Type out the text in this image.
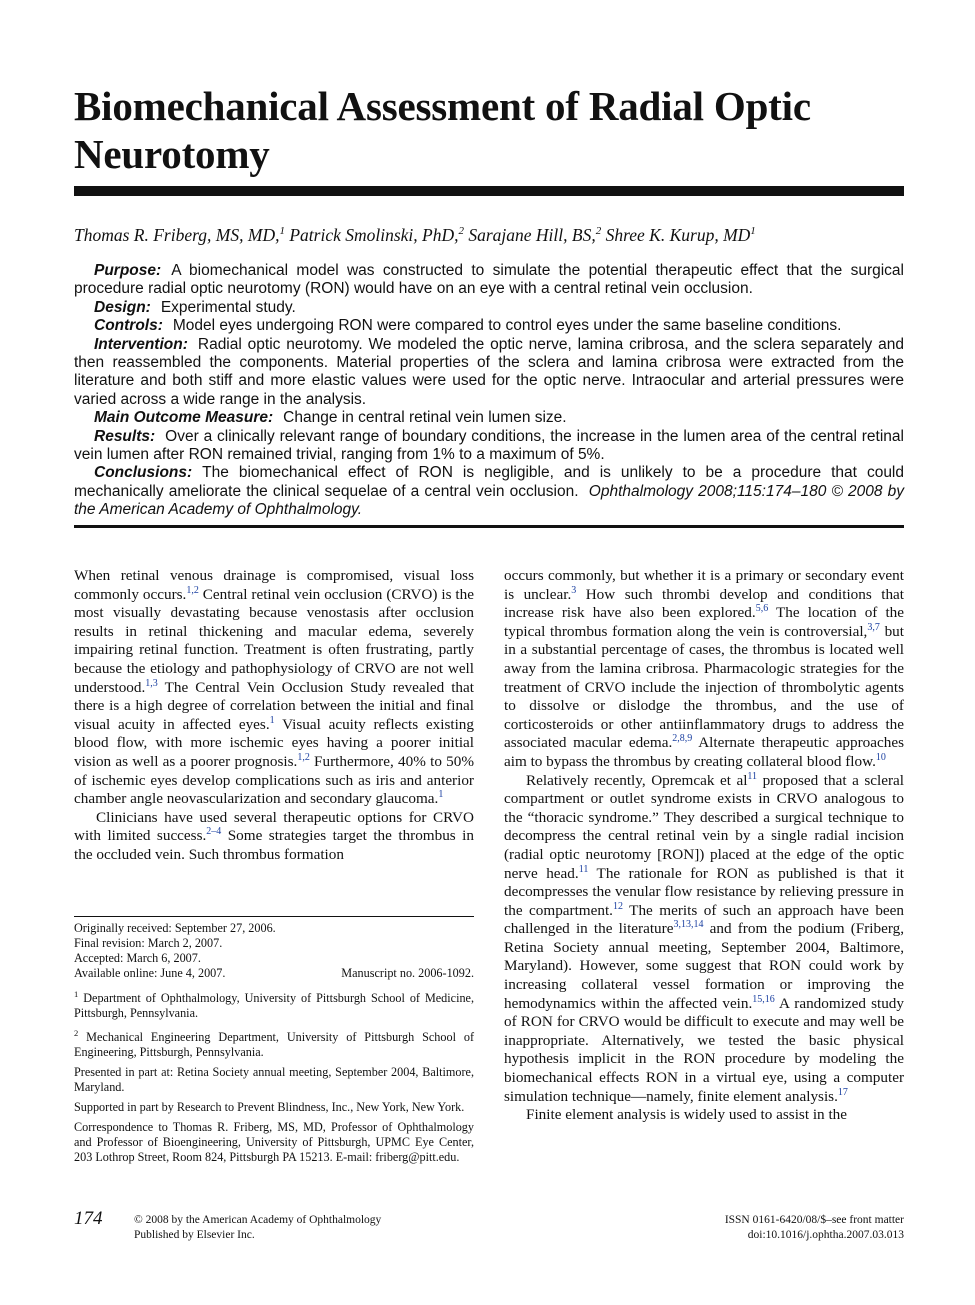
Biomechanical Assessment of Radial Optic Neurotomy
Thomas R. Friberg, MS, MD,$^1$ Patrick Smolinski, PhD,$^2$ Sarajane Hill, BS,$^2$ Shree K. Kurup, $MD^1$

Purpose: A biomechanical model was constructed to simulate the potential therapeutic effect that the surgical procedure radial optic neurotomy (RON) would have on an eye with a central retinal vein occlusion.

Design: Experimental study.

Controls: Model eyes undergoing RON were compared to control eyes under the same baseline conditions.

Intervention: Radial optic neurotomy. We modeled the optic nerve, lamina cribrosa, and the sclera separately and then reassembled the components. Material properties of the sclera and lamina cribrosa were extracted from the literature and both stiff and more elastic values were used for the optic nerve. Intraocular and arterial pressures were varied across a wide range in the analysis.

Main Outcome Measure: Change in central retinal vein lumen size.

Results: Over a clinically relevant range of boundary conditions, the increase in the lumen area of the central retinal vein lumen after RON remained trivial, ranging from 1% to a maximum of 5%.

Conclusions: The biomechanical effect of RON is negligible, and is unlikely to be a procedure that could mechanically ameliorate the clinical sequelae of a central vein occlusion. Ophthalmology 2008;115:174–180 © 2008 by the American Academy of Ophthalmology.

When retinal venous drainage is compromised, visual loss commonly occurs.$^{1,2}$ Central retinal vein occlusion (CRVO) is the most visually devastating because venostasis after occlusion results in retinal thickening and macular edema, severely impairing retinal function. Treatment is often frustrating, partly because the etiology and pathophysiology of CRVO are not well understood.$^{1,3}$ The Central Vein Occlusion Study revealed that there is a high degree of correlation between the initial and final visual acuity in affected eyes.$^1$ Visual acuity reflects existing blood flow, with more ischemic eyes having a poorer initial vision as well as a poorer prognosis.$^{1,2}$ Furthermore, 40% to 50% of ischemic eyes develop complications such as iris and anterior chamber angle neovascularization and secondary glaucoma.$^1$

Clinicians have used several therapeutic options for CRVO with limited success.$^{2-4}$ Some strategies target the thrombus in the occluded vein. Such thrombus formation

Originally received: September 27, 2006.

Final revision: March 2, 2007.

Accepted: March 6, 2007.

Available online: June 4, 2007.	Manuscript no. 2006-1092.

$^1$ Department of Ophthalmology, University of Pittsburgh School of Medicine, Pittsburgh, Pennsylvania.

$^2$ Mechanical Engineering Department, University of Pittsburgh School of Engineering, Pittsburgh, Pennsylvania.

Presented in part at: Retina Society annual meeting, September 2004, Baltimore, Maryland.

Supported in part by Research to Prevent Blindness, Inc., New York, New York.

Correspondence to Thomas R. Friberg, MS, MD, Professor of Ophthalmology and Professor of Bioengineering, University of Pittsburgh, UPMC Eye Center, 203 Lothrop Street, Room 824, Pittsburgh PA 15213. E-mail: friberg@pitt.edu.

occurs commonly, but whether it is a primary or secondary event is unclear.$^3$ How such thrombi develop and conditions that increase risk have also been explored.$^{5,6}$ The location of the typical thrombus formation along the vein is controversial,$^{3,7}$ but in a substantial percentage of cases, the thrombus is located well away from the lamina cribrosa. Pharmacologic strategies for the treatment of CRVO include the injection of thrombolytic agents to dissolve or dislodge the thrombus, and the use of corticosteroids or other antiinflammatory drugs to address the associated macular edema.$^{2,8,9}$ Alternate therapeutic approaches aim to bypass the thrombus by creating collateral blood flow.$^{10}$

Relatively recently, Opremcak et $al^{11}$ proposed that a scleral compartment or outlet syndrome exists in CRVO analogous to the “thoracic syndrome.” They described a surgical technique to decompress the central retinal vein by a single radial incision (radial optic neurotomy [RON]) placed at the edge of the optic nerve head.$^{11}$ The rationale for RON as published is that it decompresses the venular flow resistance by relieving pressure in the compartment.$^{12}$ The merits of such an approach have been challenged in the literature$^{3,13,14}$ and from the podium (Friberg, Retina Society annual meeting, September 2004, Baltimore, Maryland). However, some suggest that RON could work by increasing collateral vessel formation or improving the hemodynamics within the affected vein.$^{15,16}$ A randomized study of RON for CRVO would be difficult to execute and may well be inappropriate. Alternatively, we tested the basic physical hypothesis implicit in the RON procedure by modeling the biomechanical effects RON in a virtual eye, using a computer simulation technique—namely, finite element analysis.$^{17}$

Finite element analysis is widely used to assist in the

174	© 2008 by the American Academy of Ophthalmology
Published by Elsevier Inc.
ISSN 0161-6420/08/$–see front matter
doi:10.1016/j.ophtha.2007.03.013
